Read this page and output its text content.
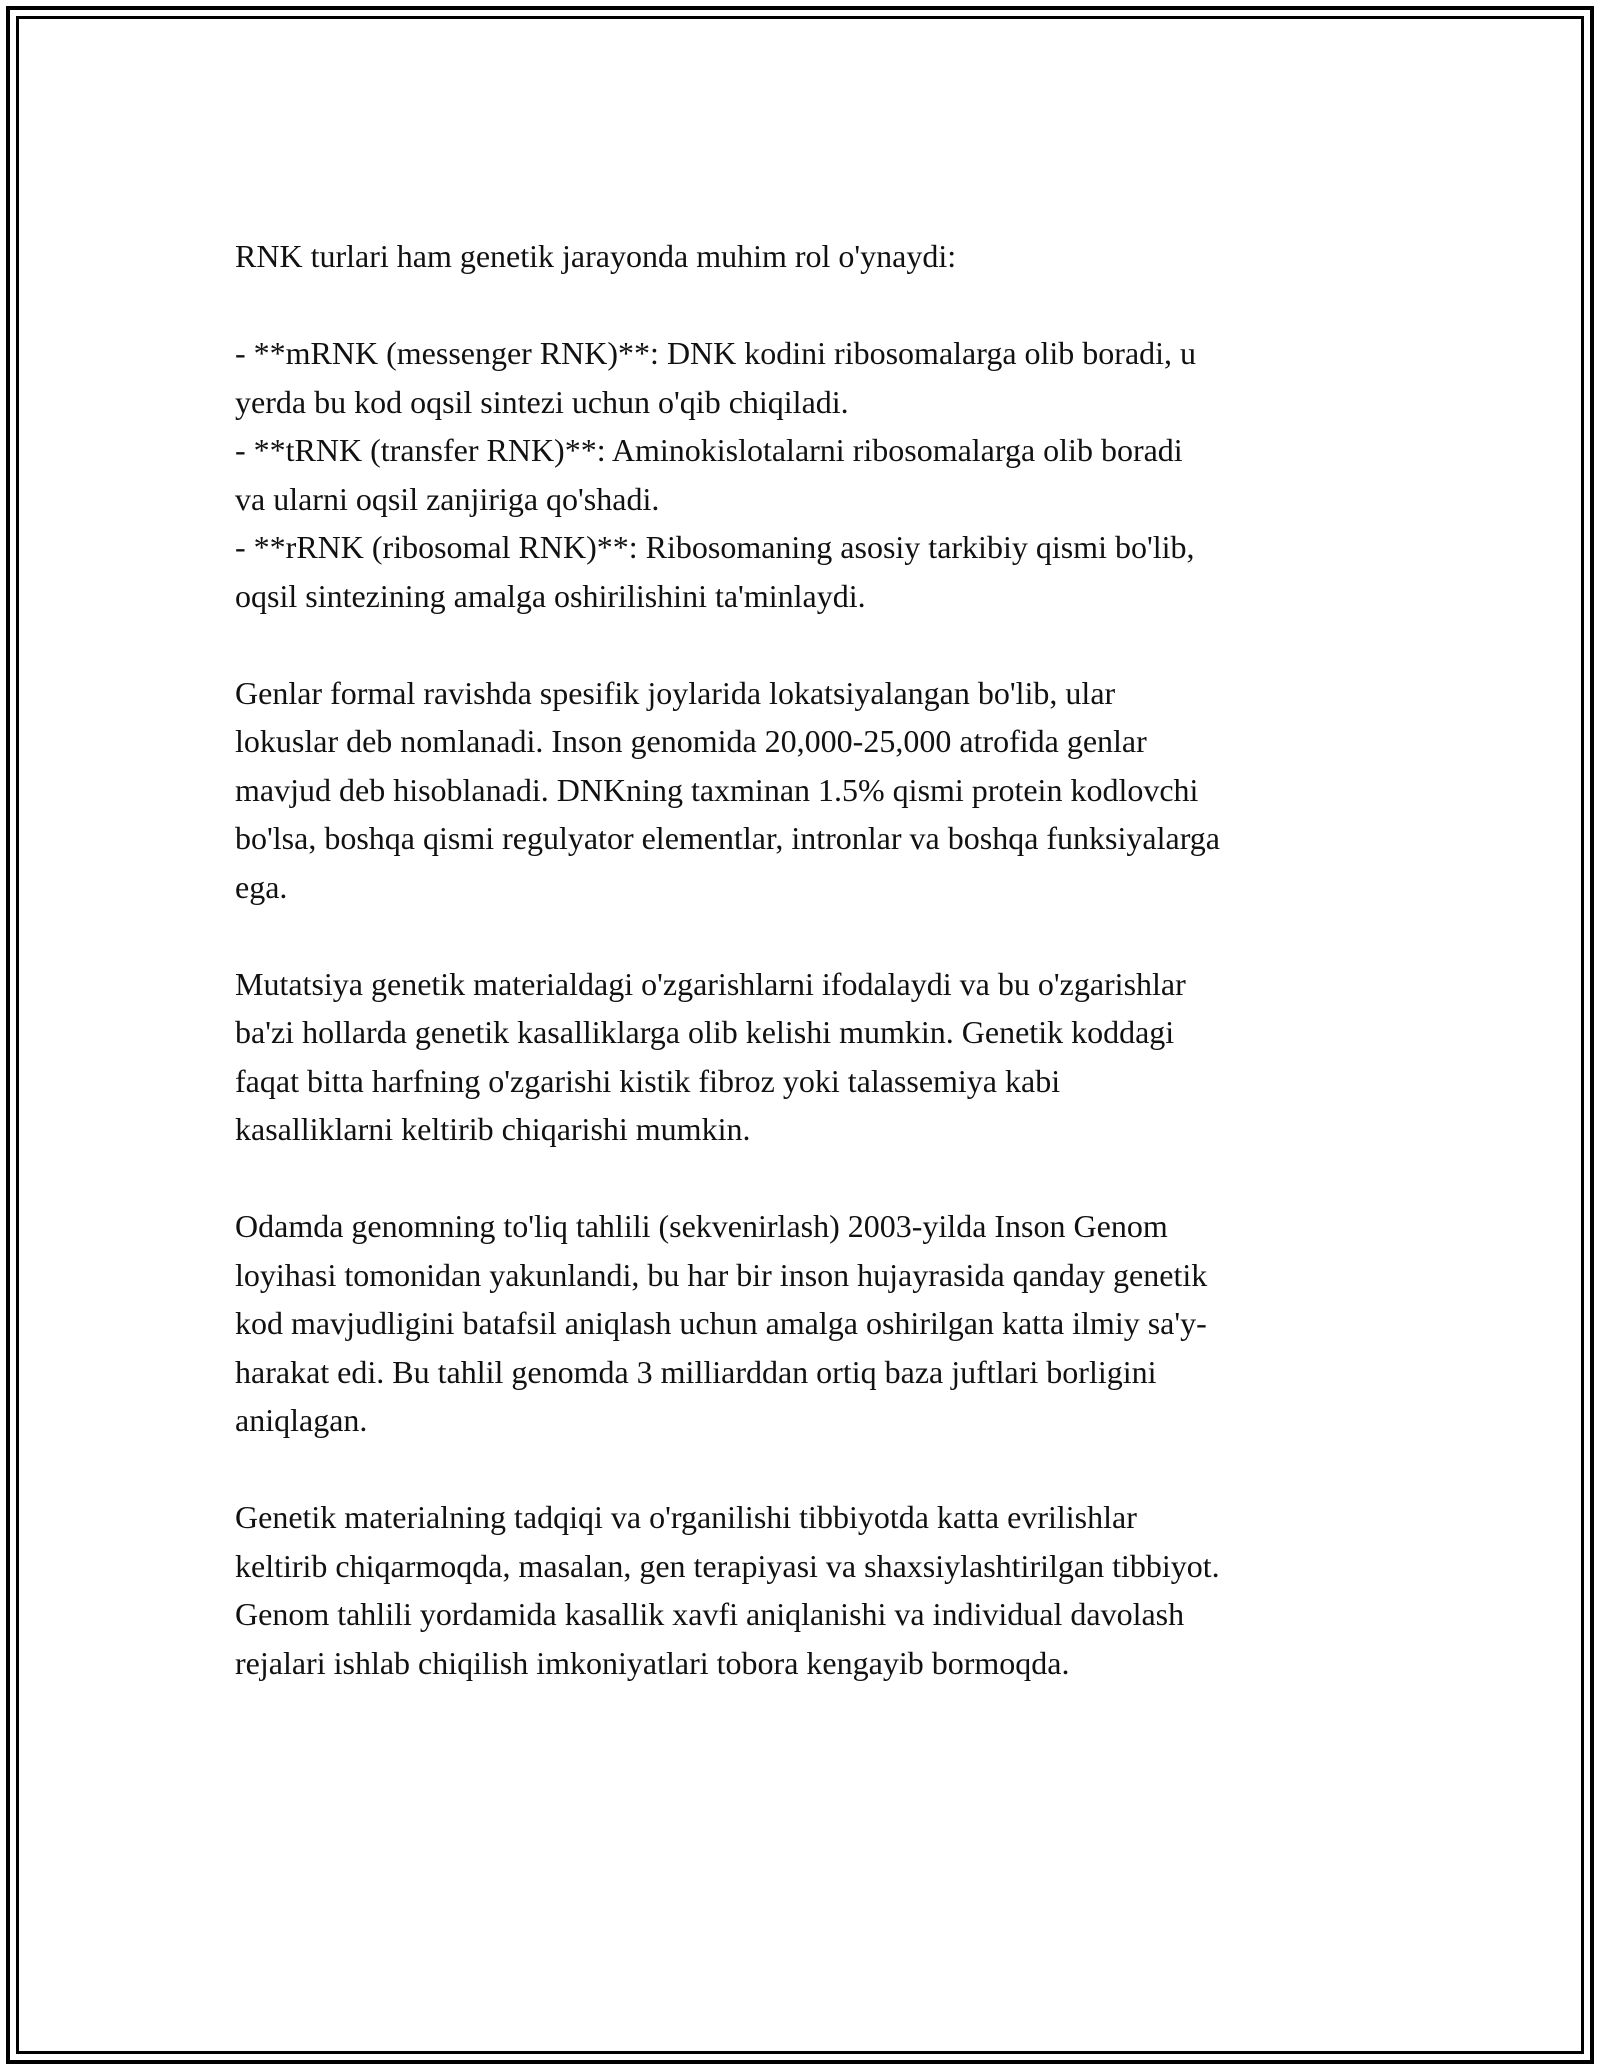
RNK turlari ham genetik jarayonda muhim rol o'ynaydi:

- **mRNK (messenger RNK)**: DNK kodini ribosomalarga olib boradi, u
yerda bu kod oqsil sintezi uchun o'qib chiqiladi.
- **tRNK (transfer RNK)**: Aminokislotalarni ribosomalarga olib boradi
va ularni oqsil zanjiriga qo'shadi.
- **rRNK (ribosomal RNK)**: Ribosomaning asosiy tarkibiy qismi bo'lib,
oqsil sintezining amalga oshirilishini ta'minlaydi.

Genlar formal ravishda spesifik joylarida lokatsiyalangan bo'lib, ular
lokuslar deb nomlanadi. Inson genomida 20,000-25,000 atrofida genlar
mavjud deb hisoblanadi. DNKning taxminan 1.5% qismi protein kodlovchi
bo'lsa, boshqa qismi regulyator elementlar, intronlar va boshqa funksiyalarga
ega.

Mutatsiya genetik materialdagi o'zgarishlarni ifodalaydi va bu o'zgarishlar
ba'zi hollarda genetik kasalliklarga olib kelishi mumkin. Genetik koddagi
faqat bitta harfning o'zgarishi kistik fibroz yoki talassemiya kabi
kasalliklarni keltirib chiqarishi mumkin.

Odamda genomning to'liq tahlili (sekvenirlash) 2003-yilda Inson Genom
loyihasi tomonidan yakunlandi, bu har bir inson hujayrasida qanday genetik
kod mavjudligini batafsil aniqlash uchun amalga oshirilgan katta ilmiy sa'y-
harakat edi. Bu tahlil genomda 3 milliarddan ortiq baza juftlari borligini
aniqlagan.

Genetik materialning tadqiqi va o'rganilishi tibbiyotda katta evrilishlar
keltirib chiqarmoqda, masalan, gen terapiyasi va shaxsiylashtirilgan tibbiyot.
Genom tahlili yordamida kasallik xavfi aniqlanishi va individual davolash
rejalari ishlab chiqilish imkoniyatlari tobora kengayib bormoqda.
